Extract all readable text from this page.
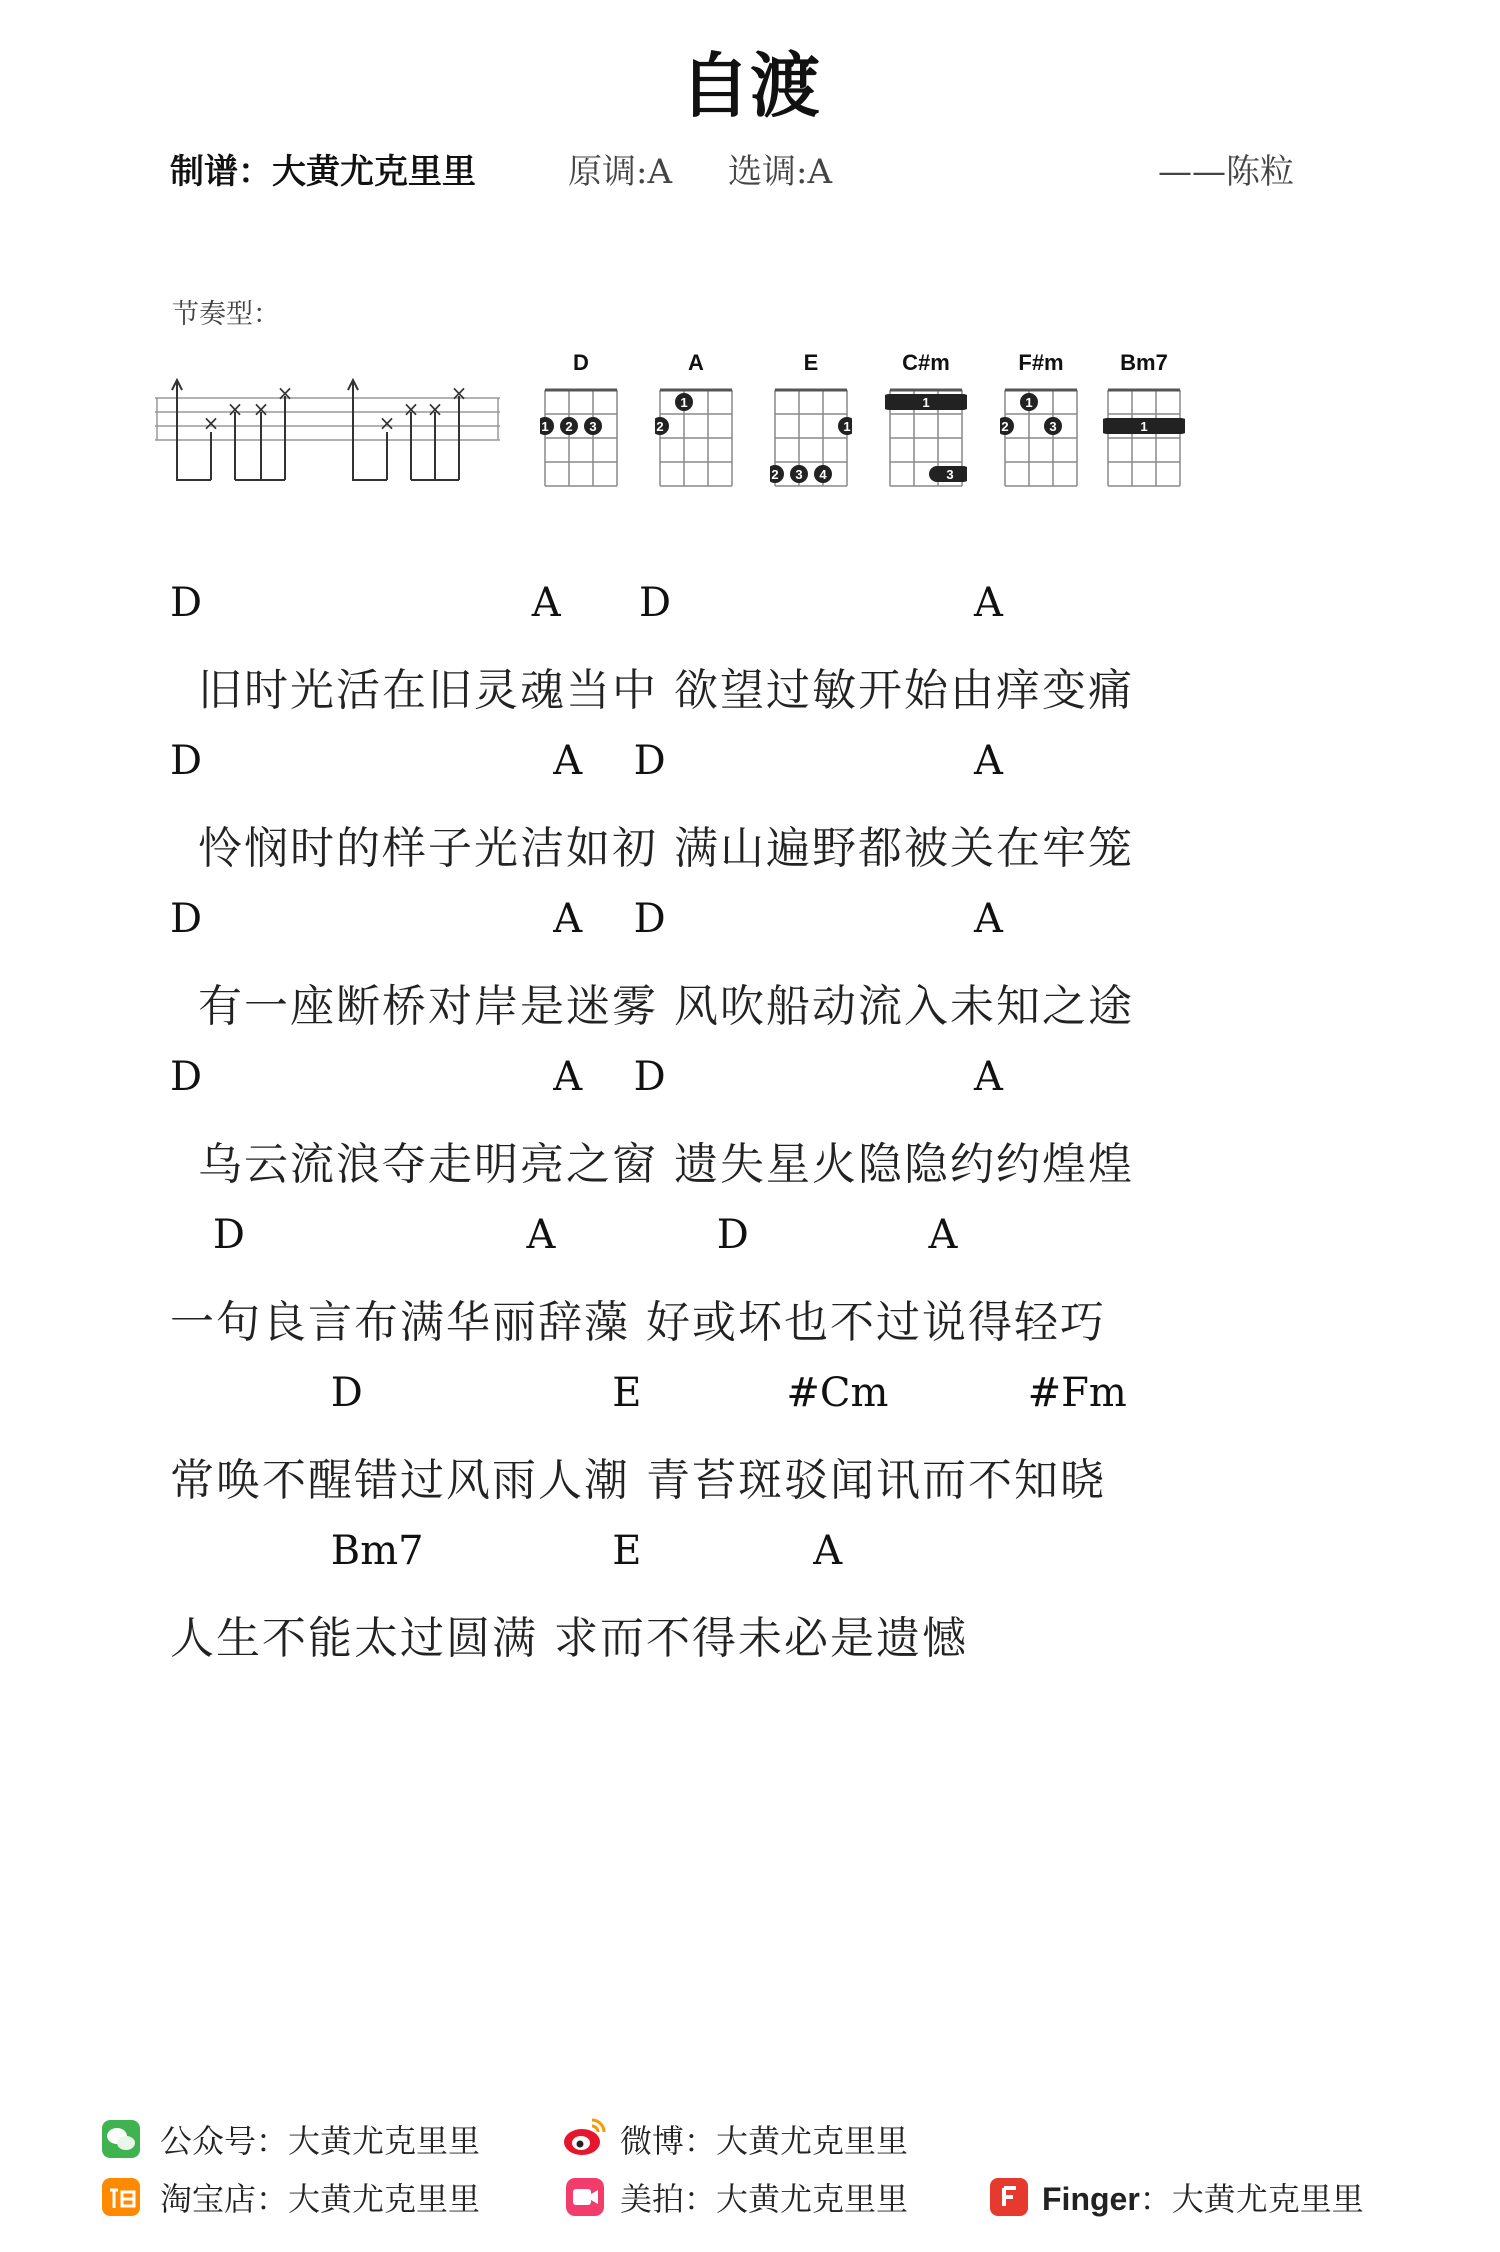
自渡
制谱：大黄尤克里里	原调:A 选调:A	——陈粒
节奏型：
×
× ×
×
×
× ×
×
D
1 2 3
A
2
1
E
2 3 4
1
C#m
1
3
F#m
2
1
3
Bm7
1
D	A D	A
旧时光活在旧灵魂当中 欲望过敏开始由痒变痛
D	A D	A
怜悯时的样子光洁如初 满山遍野都被关在牢笼
D	A D	A
有一座断桥对岸是迷雾 风吹船动流入未知之途
D	A D	A
乌云流浪夺走明亮之窗 遗失星火隐隐约约煌煌
D	A	D	A
一句良言布满华丽辞藻 好或坏也不过说得轻巧
D	E	#Cm	#Fm
常唤不醒错过风雨人潮 青苔斑驳闻讯而不知晓
Bm7	E	A
人生不能太过圆满 求而不得未必是遗憾
公众号：大黄尤克里里	微博：大黄尤克里里
淘宝店：大黄尤克里里	美拍：大黄尤克里里	Finger：大黄尤克里里
